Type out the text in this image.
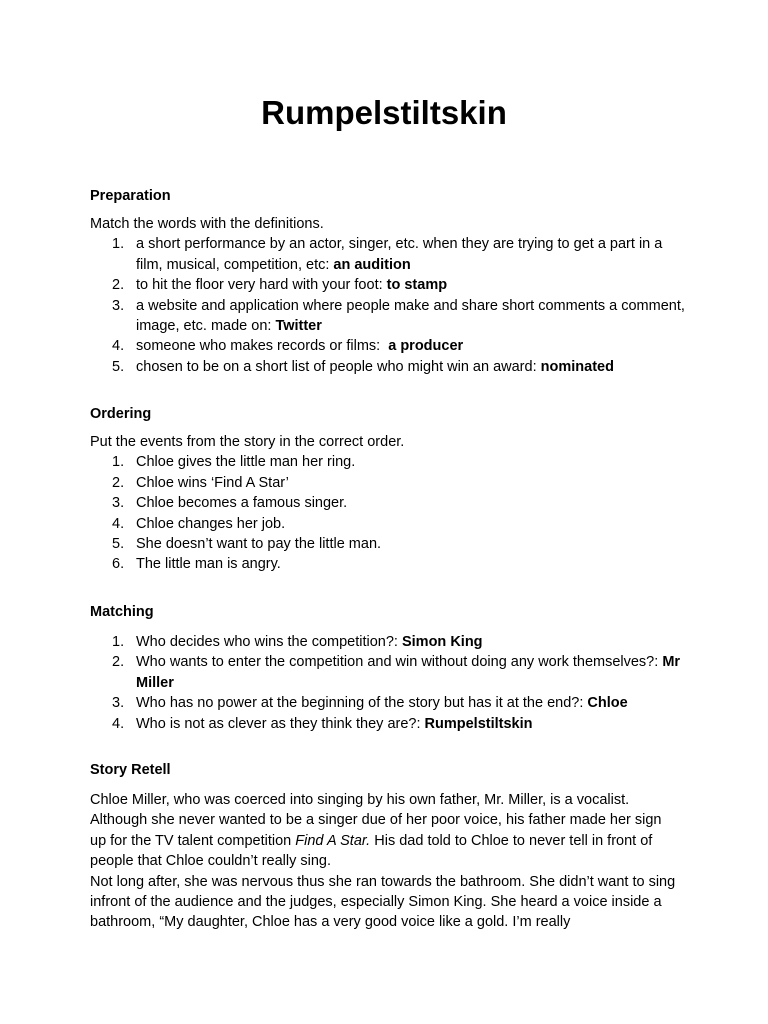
Rumpelstiltskin
Preparation

Match the words with the definitions.

1. a short performance by an actor, singer, etc. when they are trying to get a part in a film, musical, competition, etc: an audition
2. to hit the floor very hard with your foot: to stamp
3. a website and application where people make and share short comments a comment, image, etc. made on: Twitter
4. someone who makes records or films:  a producer
5. chosen to be on a short list of people who might win an award: nominated
Ordering

Put the events from the story in the correct order.

1. Chloe gives the little man her ring.
2. Chloe wins ‘Find A Star’
3. Chloe becomes a famous singer.
4. Chloe changes her job.
5. She doesn’t want to pay the little man.
6. The little man is angry.
Matching
1. Who decides who wins the competition?: Simon King
2. Who wants to enter the competition and win without doing any work themselves?: Mr Miller
3. Who has no power at the beginning of the story but has it at the end?: Chloe
4. Who is not as clever as they think they are?: Rumpelstiltskin
Story Retell

Chloe Miller, who was coerced into singing by his own father, Mr. Miller, is a vocalist. Although she never wanted to be a singer due of her poor voice, his father made her sign up for the TV talent competition Find A Star. His dad told to Chloe to never tell in front of people that Chloe couldn’t really sing.

Not long after, she was nervous thus she ran towards the bathroom. She didn’t want to sing infront of the audience and the judges, especially Simon King. She heard a voice inside a bathroom, “My daughter, Chloe has a very good voice like a gold. I’m really
